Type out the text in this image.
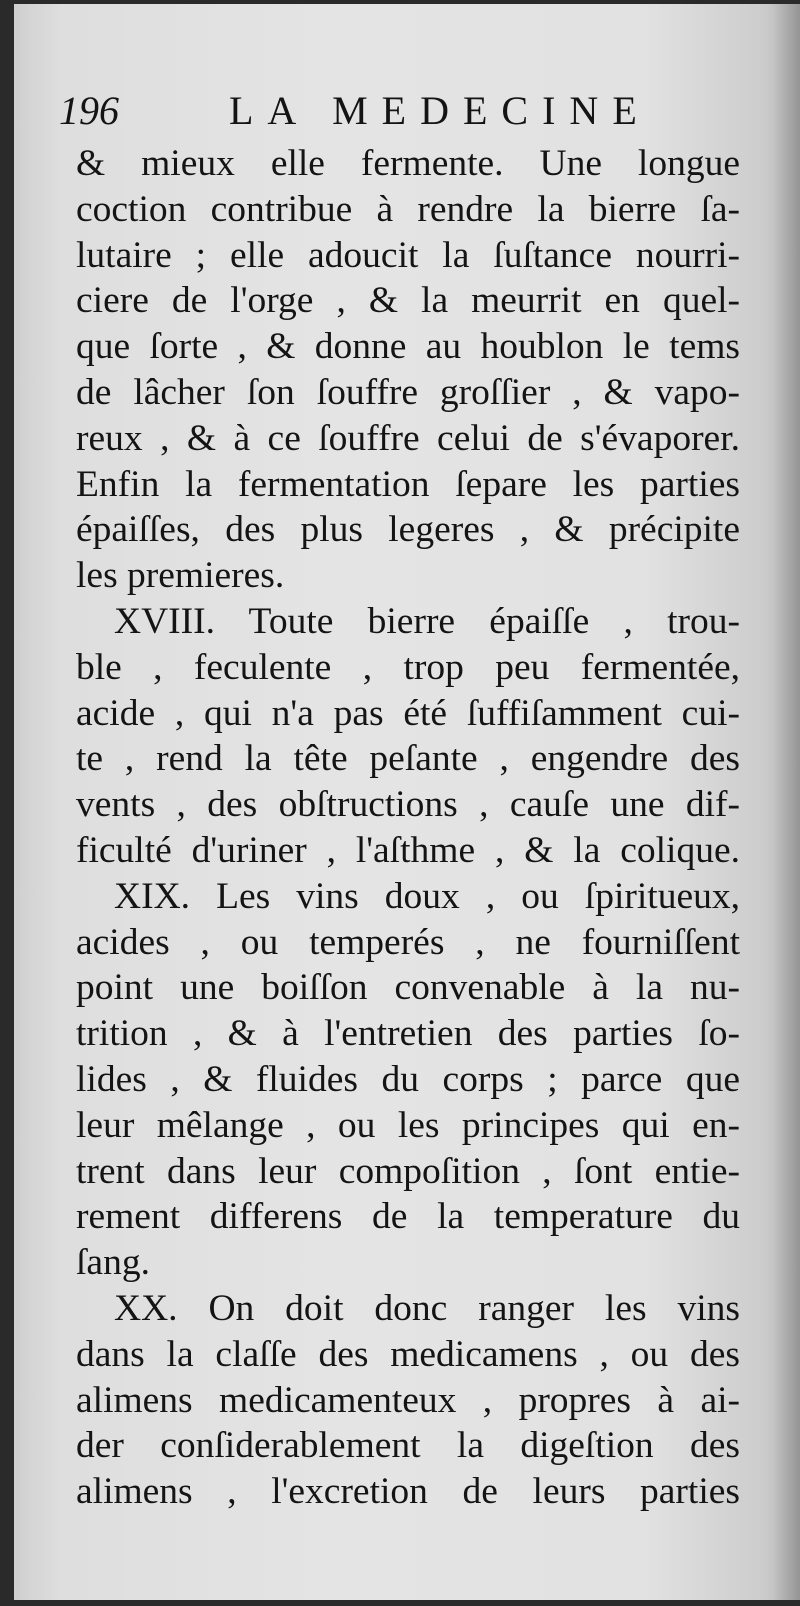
196	LA MEDECINE
& mieux elle fermente. Une longue
coction contribue à rendre la bierre ſa-
lutaire ; elle adoucit la ſuſtance nourri-
ciere de l'orge , & la meurrit en quel-
que ſorte , & donne au houblon le tems
de lâcher ſon ſouffre groſſier , & vapo-
reux , & à ce ſouffre celui de s'évaporer.
Enfin la fermentation ſepare les parties
épaiſſes, des plus legeres , & précipite
les premieres.
XVIII. Toute bierre épaiſſe , trou-
ble , feculente , trop peu fermentée,
acide , qui n'a pas été ſuffiſamment cui-
te , rend la tête peſante , engendre des
vents , des obſtructions , cauſe une dif-
ficulté d'uriner , l'aſthme , & la colique.
XIX. Les vins doux , ou ſpiritueux,
acides , ou temperés , ne fourniſſent
point une boiſſon convenable à la nu-
trition , & à l'entretien des parties ſo-
lides , & fluides du corps ; parce que
leur mêlange , ou les principes qui en-
trent dans leur compoſition , ſont entie-
rement differens de la temperature du
ſang.
XX. On doit donc ranger les vins
dans la claſſe des medicamens , ou des
alimens medicamenteux , propres à ai-
der conſiderablement la digeſtion des
alimens , l'excretion de leurs parties
